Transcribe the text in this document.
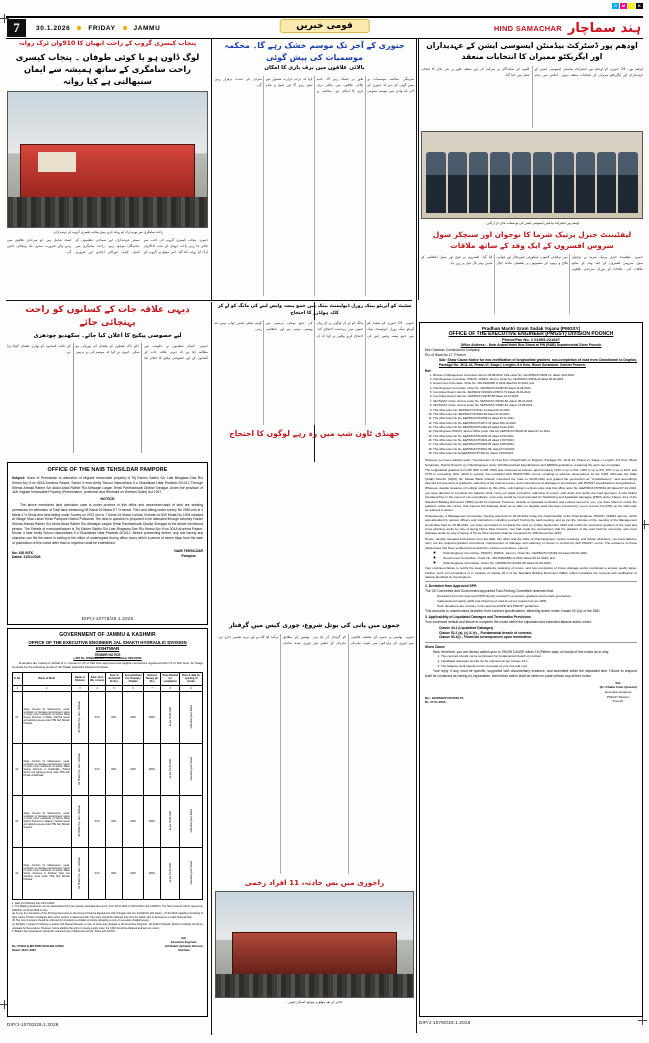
C	M	Y	K
7	30.1.2026	FRIDAY	JAMMU	قومی خبریں	HIND SAMACHAR ہند سماچار
پنجاب کیسری گروپ کے راحت ابھیان کا 910واں ٹرک روانہ
لوگ ڈاون ہو یا کوئی طوفان ۔ پنجاب کیسری راحت سامگری کے ساتھ ہمیشہ سے ایمان سنبھالتی ہے کیا روانہ
راحت سامگری سے بھرے ٹرک کو روانہ کرتے ہوئے پنجاب کیسری گروپ کے عہدیداران۔
جموں۔ پنجاب کیسری گروپ کی جانب سے چلائے جا رہے راحت ابھیان کے تحت 910واں ٹرک آج روانہ کیا گیا۔ اس موقع پر گروپ کے سینئر عہدیداران اور سماجی تنظیموں کے نمائندگان موجود رہے۔ راحت سامگری میں کمبل، کپڑے، خوراکی اجناس اور ضروری اشیاء شامل ہیں جو سرحدی علاقوں میں رہنے والے ضرورت مندوں تک پہنچائی جائیں گی۔
دیہی علاقہ جات کے کسانوں کو راحت پہنچائی جائے
لیے خصوصی پیکیج کا اعلان کیا جائے۔ سکھدیو چودھری
جموں۔ کسان تنظیموں نے حکومت سے مطالبہ کیا ہے کہ دیہی علاقہ جات کے کسانوں کے لیے خصوصی پیکیج کا اعلان کیا جائے تاکہ فصلوں کے نقصان کی بھرپائی ہو سکے۔ انہوں نے کہا کہ موسم کی بے ترتیبی کے باعث کسانوں کو بھاری نقصان اٹھانا پڑا ہے۔
OFFICE OF THE NAIB TEHSILDAR PAMPORE
Subject: Grant of Permission to alienation of Migrant Immovable property of Tej Kishen Sadhu S/o Late Bhagwan Das R/o Khrew A/p H.no 301A Arunima Palace, Sector 4 near Amity School Vasundhara S.o Ghaziabad Uttar Pradesh-201012 Through Sheraz Ahmad Rather S/o Abdul Ahad Rather R/o Athwajan Lasjan Tehsil Panthachowk District Srinagar. Under the provision of J&K migrant Immovable Property (Preservation, protection and Restraint on Distress Sales) Act 1997
NOTICE
The above mentioned land alienation case is under process in this office and owner/executant of land are seeking permission for alienation of Total land measuring 08 Kanal 03 Marla 8 7 ½ sersai. The Land falling under survey No 2969-min is 4 Marla 4 ½ Sirsia and land falling under Survey no 2972 min is 7 Kanal 19 Marla 3 sirsia, Khewat no 639 Khata No 1904 situated at Village Shar-i-shali Tehsil Pampore District Pulwama. The land in question is proposed to be alienated through Attorney Holder Sheraz Ahmad Rather S/o Abdul Ahad Rather R/o Athwajan Lasjan Tehsil Panthachowk District Srinagar to the above mentioned person. The Details of executant/owner is Tej Kishen Sadhu S/o Late Bhagwan Das R/o Khrew A/p H.no 301A Arunima Palace, Sector 4 near Amity School Vasundhara S.o Ghaziabad Uttar Pradesh-201012. Before proceeding further, any one having any objection can file the same in writing in the office of undersigned during office hours within a period of seven days from the date of publication of this notice after that no objection shall be entertained.
No: 426 /NTK
Dated: 21/01/2026
NAIB TEHSILDAR
Pampore
DIP/J-10778/29.1.2026
GOVERNMENT OF JAMMU & KASHMIR
OFFICE OF THE EXECUTIVE ENGINEER JAL SHAKTI HYDRAULIC DIVISION
KISHTWAR
TENDER NOTICE
e-NIT No. 33/WH/EE/JSD of 2025-26 Dated: 28/01/2026
E-tenders are invited on behalf of Lt. Governor UT of J&K from approved and eligible contractors registered with UT of J&K Govt. for Stage Contract for the following works of Jal Shakti Hydraulic Division Kishtwar.
S. No	Name of Work	Name of Division	Advt. Cost (Rs. in lacs)	Cost of document (in Rs.)	Account Head For Treasury Challan	Earnest Money (in Rs.)	Time Allowed for completion	Time & date for opening of tender
1	2	3	4	5	6	7	8	9
01.	Stage Contract for Maintenance, repair, restoration of damages arising/urgent nature of works minor extensions of various Water Supply Schemes in Mahla, Pochhal Sector and adjoining areas under PHE Sub Division Kishtwar.	Jal Shakti Hyd. Divn. Kishtwar	2.00	600/-	0215	4000/-	as per 30.06.2026	Date/time given below
02.	Stage Contract for Maintenance, repair, restoration of damages arising/urgent nature of works minor extensions of various Water Supply Schemes in Drabshalla, Thakrai Sector and adjoining areas under PHE Sub Division Drabshalla.	Jal Shakti Hyd. Divn. Kishtwar	2.00	600/-	0215	4000/-	as per 30.06.2026	Date/time given below
03.	Stage Contract for Maintenance, repair, restoration of damages arising/urgent nature of works minor extensions of various Water Supply Schemes in Nagseni, Sarthal Sector and adjoining areas under PHE Sub Division Nagseni.	Jal Shakti Hyd. Divn. Kishtwar	2.00	600/-	0215	4000/-	as per 30.06.2026	Date/time given below
04.	Stage Contract for Maintenance, repair, restoration of damages arising/urgent nature of works minor extensions of various Water Supply Schemes in Kishtwar Town and adjoining areas under PHE Sub Division Kishtwar.	Jal Shakti Hyd. Divn. Kishtwar	2.00	600/-	0215	4000/-	as per 30.06.2026	Date/time given below
1. Date of Publishing from 29.01.2026.
2. The Bidding documents can be downloaded from the website www.jktenders.gov.in from 29.01.2026 to 05.02.2026 upto 16000hrs. The bids received will be opened on 16000hrs on 06.02.2026 on line.
(a) As per the instruction of the Principal Secretary to Government Finance Department J&K Srinagar vide No: A/24(2017)-491 Dated - 07-06-2018 regarding furnishing of hard copies of bids immediately after online tenders is dispensed with. The same should be obtained only from the bidder who is declared as L1 after financial bids.
(b) The cost of tenders should be collected by introducing e-challan or simple uploading a copy of necessary challan/receipt.
(c) Similarly, instead of insisting on actual Call Deposit Receipt, a copy of same duly pledged to the Executive Engineer, Jal Shakti Hydraulic Division Kishtwar should be uploaded by the tenderer. However, before allotting the work or issuing supply order, the CDR should be obtained and kept on record.
3. Bidders are requested to upload the scanned copy of Bank Account No. linked with GSTIN.
No: RYB/H.Q-MIT/2025-26/11484-1/2500
Dated: 28-01-2026
Sd/-
Executive Engineer
Jal Shakti Hydraulic Division
Kishtwar
DIP/J-10783/29.1.2026
جنوری کے آخر تک موسم خشک رہے گا۔ محکمہ موسمیات کی پیش گوئی
بالائی علاقوں میں برف باری کا امکان
سرینگر۔ محکمہ موسمیات نے پیش گوئی کی ہے کہ جنوری کے آخر تک وادی میں موسم عمومی طور پر خشک رہے گا۔ تاہم بالائی علاقوں میں ہلکی برف باری کا امکان ہے۔ محکمہ نے کہا کہ درجہ حرارت معمول سے نیچے رہے گا اور صبح و شام سردی کی شدت برقرار رہے گی۔
سٹیٹ کو آپریٹو بینک رورل ڈیولپمنٹ بینک میں جمع پیسہ واپس لینے کی مانگ کو لے کر کاٹہ ہولڈرز کا احتجاج
جموں۔ 29 جنوری کو سٹیٹ کو آپریٹو بینک رورل ڈیولپمنٹ بینک میں جمع پیسہ واپس لینے کی مانگ کو لے کر لوگوں نے آج یہاں جموں میں زبردست احتجاج کیا۔ احتجاج کرنے والوں نے کہا کہ ان کی جمع پونجی برسوں سے پھنسی ہوئی ہے اور انتظامیہ کوئی تسلی بخش جواب نہیں دے رہی۔
جھنڈی ٹاون شپ میں رہ رہے لوگوں کا احتجاج
جموں میں پانی کی بوتل شروع، چوری کیس میں گرفتار
جموں۔ پولیس نے جموں کے مختلف علاقوں میں چوری کی وارداتوں میں ملوث ملزمان کو گرفتار کر لیا ہے۔ پولیس کے مطابق ملزمان کے قبضے سے چوری شدہ سامان برآمد کیا گیا ہے اور مزید تفتیش جاری ہے۔
راجوری میں بس حادثہ، 11 افراد زخمی
حادثے کے بعد موقع پر موجود امدادی ٹیمیں۔
اودھم پور ڈسٹرکٹ بیڈمنٹن ایسوسی ایشن کے عہدیداران اور ایگزیکٹو ممبران کا انتخابات منعقد
اودھم پور۔ 29 جنوری کو اودھم پور ڈسٹرکٹ بیڈمنٹن ایسوسی ایشن کے عہدیداران اور ایگزیکٹو ممبران کے انتخابات منعقد ہوئے۔ اجلاس میں تمام کلبوں کے نمائندگان نے شرکت کی اور متفقہ طور پر نئی باڈی کا انتخاب عمل میں لایا گیا۔
اودھم پور ڈسٹرکٹ بیڈمنٹن ایسوسی ایشن کی نو منتخب باڈی کے اراکین۔
لیفٹیننٹ جنرل پرتیک شرما کا نوجوان اور سنچکر سول سروس افسروں کے ایک وفد کے ساتھ ملاقات
جموں۔ لیفٹیننٹ جنرل پرتیک شرما نے نوجوان سول سروس افسروں کے ایک وفد کے ساتھ ملاقات کی۔ ملاقات کے دوران سرحدی علاقوں میں ترقیاتی کاموں، سیکورٹی صورتحال اور عوامی فلاح و بہبود کے منصوبوں پر تفصیلی تبادلہ خیال کیا گیا۔ افسروں نے فوج اور سول انتظامیہ کے مابین بہتر تال میل پر زور دیا۔
Pradhan Mantri Gram Sadak Yojana (PMGSY)
OFFICE OF THE EXECUTIVE ENGINEER (PMGSY) DIVISION POONCH
Phone/Fax No. # 01965-221827
Office Address: - Near Anand Hotel Bus Stand at PW (R&B) Departmental Store Poonch
M/s Chauhan Construction Company
R/o of Ward No 17, Poonch.
Sub: Show Cause Notice for non-rectification of longitudinal gradient, non-completion of road from Chandimarh to Dogrian, Package No. JK11-44, Phase-VI, Stage-I, Length= 8.0 Kms, Block Surankote, District Poonch.
Ref:
1. Minutes of Management Committee held on 29-08-2022, Vide Letter No: CE/J/PMGSY/6005-10, dated: 29-8-2022.
2. Chief Engineer Committee, PMGSY, JKRDA, Jammu, Order No: CE/PMGSY/23118-22 dated 09-02-2022.
3. Government Committee, Order No. 445-PW(R&B) of 2022 dated 06-12-2022; and
4. Chief Engineer Committee, Order No. CE/PMGSY/10492-95 dated 11-08-2023.
5. Committee Report vide No. SE/PMGSY/R/2020-21/5674-76 Dated 26-02-2022
6. Committee Report vide No. CE/PMGSY/29155-58 Dated 16-01-2023
7. SE PMGSY Circle, Jammu Letter No: SE/PMGSY/J/6246-48, dated: 08-01-2026
8. SE PMGSY Circle, Jammu Letter No: SE/PMGSY/J/2981-84, dated: 14-08-2023
9. This office letter No: EE/PMGSY/P/4211-13 dated 23-12-2023.
10. This office letter No: EE/PMGSY/P/1804-08 dated 21-09-2021.
11. This office letter No No. EE/PMGSY/P/2508-13 dated 25-11-2021.
12. This office letter No No. EE/PMGSY/P/2671-78 dated 003-12-2023.
13. This office letter No No. EE/PMGSY/P/3118-24 dated 03-02-2022.
14. Chief Engineer PMGSY Jammu Office Letter Vide No:CE/PMGSY/18143-45 dated:07-12-2021.
15. This office letter No No. EE/PMGSY/P/3225-32 dated 10/11/2022.
16. This office letter No No. EE/PMGSY/P/2919-26 dated 17/07/2023.
17. This office letter No No. EE/PMGSY/P/6464-69 dated 16/05/2023.
18. This office letter No No. EE/PMGSY/P/6661-68, dated 07/10/2023
19. This office letter No No.EE/PMGSY/P/405-10, dated: 23/04/2024
Whereas you were allotted work ""Construction of road from Chandimarh to Dogrian, Package No. JK11-44, Phase-VI, Stage-I, Length= 8.0 Kms, Block Surankote, District Poonch, by Chief Engineer under JKC/Rural Road Specifications and NRRDA guidelines, rendering the work non-compliant.
The longitudinal gradient from RD 0/00 to RD 7/400 was observed as follows: approximately 2725 m up to 6%, 1025 m up to 8%, 875 m up to 10%, and 2775 m exceeding 10%, which is grossly non-compliant with PMGSY/IRC norms, resulting in adverse observations by the SQM. Whereas the State Quality Monitor (SQM), Mr. Pawan Barat Ghandi, inspected the road on 20-06-2022 and graded the geometrics as "Unsatisfactory", and accordingly directed improvement of gradients, widening of the road at curves, and improvement of drainage in accordance with PMGSY specifications and guidelines.
Whereas, despite issuance of multiple notices by this office, culminating in a final notice vide this office letter No. EE/PMGSY/P/6661-68 dated 07-10-2023, you were directed to complete the balance work, carry out grade correction, widening of curves, side drain and rectify the road geometry. It was further intimated that, in the event of non-compliance, your case would be recommended for blacklisting and liquidated damages @50% under Clause 44.1 of the Standard Bidding Document (SBD) would be imposed. However, despite of repeated reminders and notices served to you, you have failed to rectify the gradient, widen the curves, and improve the drainage. Even as on date, no tangible work has been executed by you to remove the ATRs on the said road, as referred to above.
Subsequently, a Management Committee meeting was held on 29-08-2022 under the chairmanship of the Chief Engineer, PMGSY JKRDA Jammu, which was attended by various officers and contractors, including yourself. During the said meeting, and as per the minutes of the meeting of the Management Committee held on 29-08-2022, you have committed to complete the work by ending September 2022 and rectify the excessive gradient of the road and cross draining works by way of laying Hume Pipe Culverts. You had made the commitment that the gradient of the road shall be corrected, and cross drainage works by way of laying of Hume Pipe Culverts shall be completed by 15th November 2022.
Hence, despite repeated instructions from the AEE, this office and the office of Chief Engineer, review meetings, and written directions, you have failed to carry out the required gradient corrections, improvement of drainage and widening of curves in conformity with PMGSY norms. The existence of these deficiencies has been verified and recorded by various committees, namely:
◦ Chief Engineer Committee, PMGSY, JKRDA, Jammu, Order No. CE/PMGSY/23118-22 dated 09-02-2022.
◦ Government Committee, Order No. 445-PW(R&B) of 2022 dated 06-12-2022; and
◦ Chief Engineer Committee, Order No. CE/PMGSY/10492-95 dated 11-08-2023.
Your continued failure to rectify the steep gradients, widening of curves, and non-completion of Cross drainage works constitutes a serious quality lapse. Further, such non-compliance is in violation of Clause 30.1 of the Standard Bidding Document (SBD), which mandates the removal and rectification of defects identified by the Engineer.
2. Deviation from Approved DPR
The CE Committee and Government-appointed Fact-Finding Committee observed that:
Deviations from the approved DPR directly resulted in excessive gradients and unsafe geometrics.
Inadequate formation width and widening of road at curves required as per DPR.
Such deviations are contrary to the approved DPR and PMGSY guidelines.
This amounts to unauthorised deviation from contract specifications, attracting action under Clause 52.2(c) of the SBD.
3. Applicability of Liquidated Damages and Termination Provisions
Your continued default and failure to complete the works within the stipulated and extended attracts action under:
Clause 44.1 (Liquidated Damages)
Clause 52.2 (a), (c) & (e) – Fundamental breach of contract,
Clause 53.1(i) – Financial consequences upon termination.
Show Cause
Now, therefore, you are hereby called upon to SHOW CAUSE within 15 (Fifteen days of receipt of this notice as to why:
1. The contract should not be terminated for fundamental breach of contract.
2. Liquidated damages should not be imposed as per Clause 44.1.
3. The balance work should not be executed at your risk and cost.
Your reply, if any, must be specific, supported with documentary evidence, and submitted within the stipulated time. Failure to respond shall be construed as having no explanation, and further action shall be taken ex-parte without any further notice
No:- EE/PMGSY/P/3766-70
Dt. 27.01.2026
Sd/-
(Er. Khalid Amin Qureshi)
Executive Engineer
PMGSY Division
Poonch.
DIP/J-10760/29.1.2026
